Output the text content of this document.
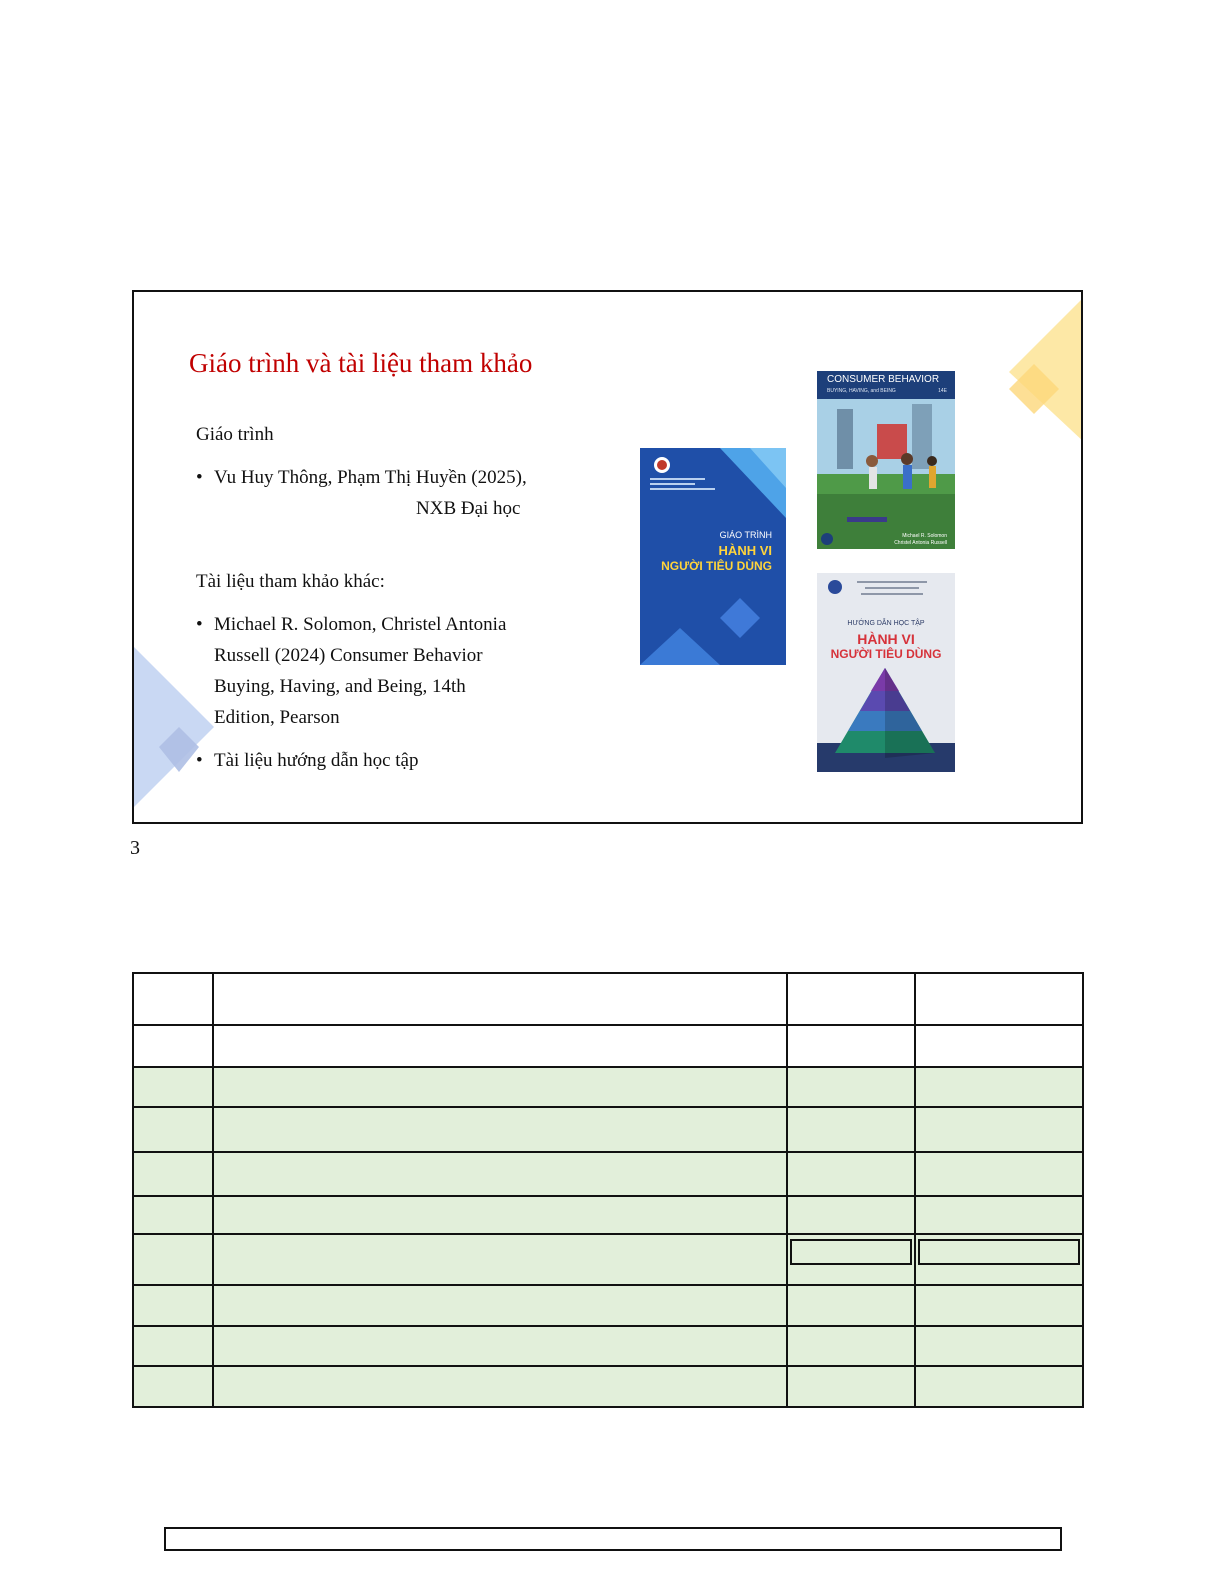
Giáo trình và tài liệu tham khảo
Giáo trình
• Vu Huy Thông, Phạm Thị Huyền (2025),
NXB Đại học
Tài liệu tham khảo khác:
• Michael R. Solomon, Christel Antonia
Russell (2024) Consumer Behavior
Buying, Having, and Being, 14th
Edition, Pearson
• Tài liệu hướng dẫn học tập
GIÁO TRÌNH
HÀNH VI
NGƯỜI TIÊU DÙNG
CONSUMER BEHAVIOR
BUYING, HAVING, and BEING	14E
Michael R. Solomon
Christel Antonia Russell
HƯỚNG DẪN HỌC TẬP
HÀNH VI
NGƯỜI TIÊU DÙNG
3
